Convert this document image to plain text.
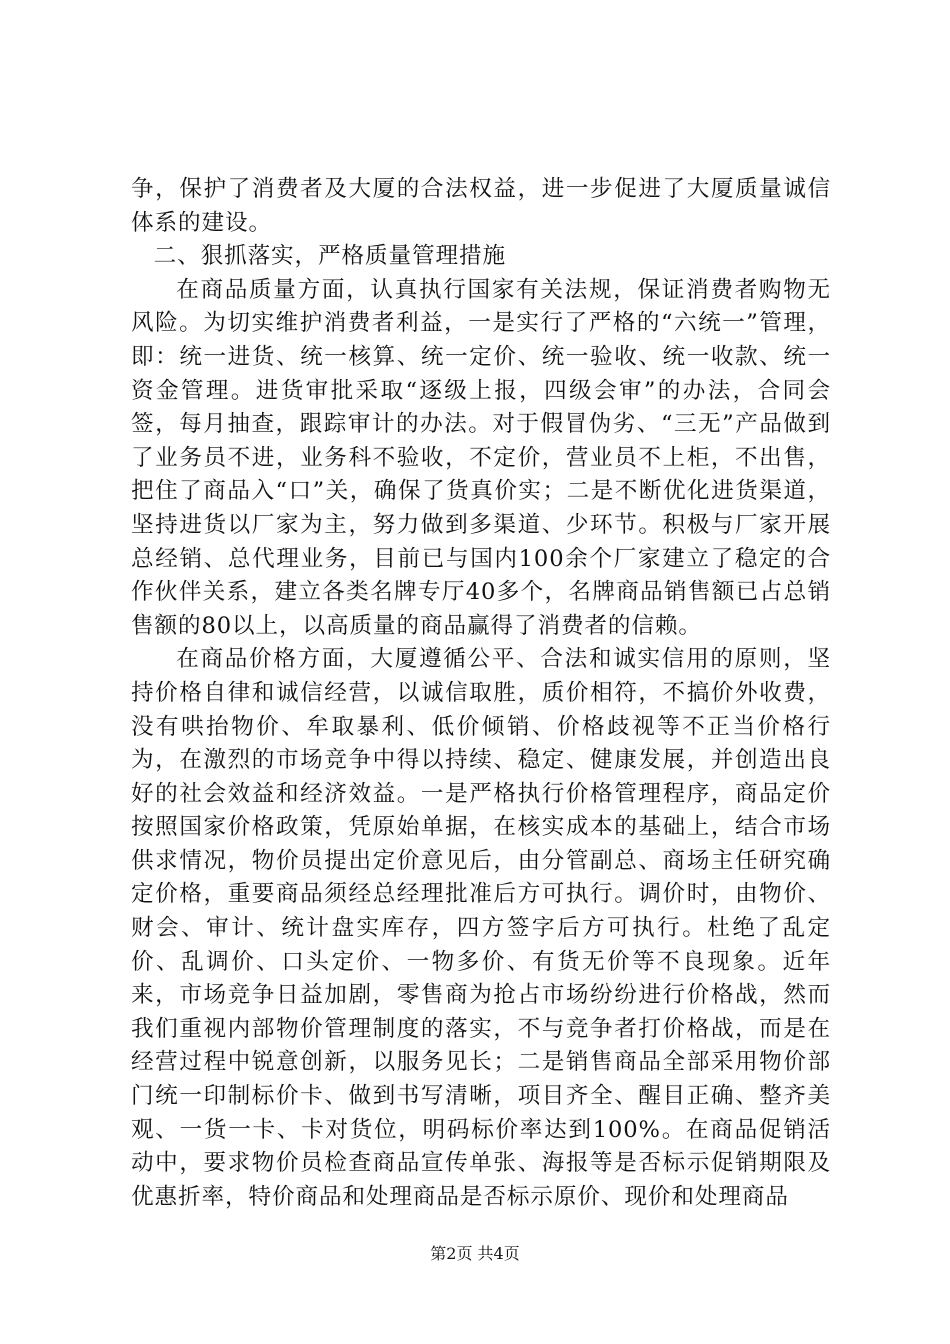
争，保护了消费者及大厦的合法权益，进一步促进了大厦质量诚信体系的建设。

二、狠抓落实，严格质量管理措施

在商品质量方面，认真执行国家有关法规，保证消费者购物无风险。为切实维护消费者利益，一是实行了严格的“六统一”管理，即：统一进货、统一核算、统一定价、统一验收、统一收款、统一资金管理。进货审批采取“逐级上报，四级会审”的办法，合同会签，每月抽查，跟踪审计的办法。对于假冒伪劣、“三无”产品做到了业务员不进，业务科不验收，不定价，营业员不上柜，不出售，把住了商品入“口”关，确保了货真价实；二是不断优化进货渠道，坚持进货以厂家为主，努力做到多渠道、少环节。积极与厂家开展总经销、总代理业务，目前已与国内100余个厂家建立了稳定的合作伙伴关系，建立各类名牌专厅40多个，名牌商品销售额已占总销售额的80以上，以高质量的商品赢得了消费者的信赖。

在商品价格方面，大厦遵循公平、合法和诚实信用的原则，坚持价格自律和诚信经营，以诚信取胜，质价相符，不搞价外收费，没有哄抬物价、牟取暴利、低价倾销、价格歧视等不正当价格行为，在激烈的市场竞争中得以持续、稳定、健康发展，并创造出良好的社会效益和经济效益。一是严格执行价格管理程序，商品定价按照国家价格政策，凭原始单据，在核实成本的基础上，结合市场供求情况，物价员提出定价意见后，由分管副总、商场主任研究确定价格，重要商品须经总经理批准后方可执行。调价时，由物价、财会、审计、统计盘实库存，四方签字后方可执行。杜绝了乱定价、乱调价、口头定价、一物多价、有货无价等不良现象。近年来，市场竞争日益加剧，零售商为抢占市场纷纷进行价格战，然而我们重视内部物价管理制度的落实，不与竞争者打价格战，而是在经营过程中锐意创新，以服务见长；二是销售商品全部采用物价部门统一印制标价卡、做到书写清晰，项目齐全、醒目正确、整齐美观、一货一卡、卡对货位，明码标价率达到100%。在商品促销活动中，要求物价员检查商品宣传单张、海报等是否标示促销期限及优惠折率，特价商品和处理商品是否标示原价、现价和处理商品

第2页 共4页
